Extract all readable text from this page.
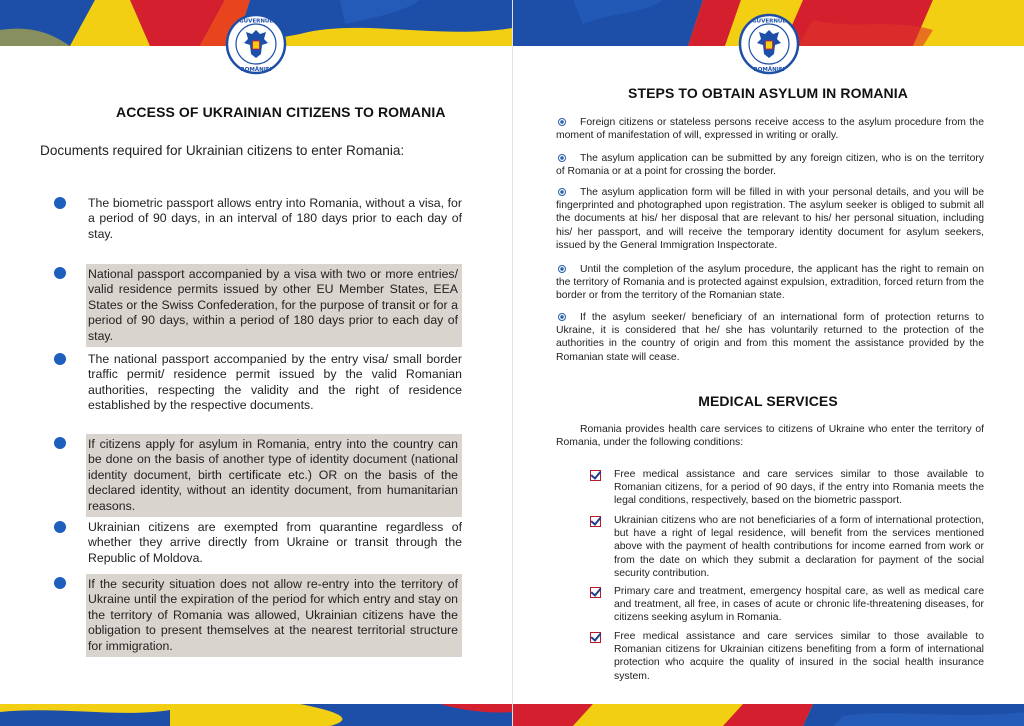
GUVERNUL
ROMÂNIEI
ACCESS OF UKRAINIAN CITIZENS TO ROMANIA
Documents required for Ukrainian citizens to enter Romania:
The biometric passport allows entry into Romania, without a visa, for a period of 90 days, in an interval of 180 days prior to each day of stay.
National passport accompanied by a visa with two or more entries/ valid residence permits issued by other EU Member States, EEA States or the Swiss Confederation, for the purpose of transit or for a period of 90 days, within a period of 180 days prior to each day of stay.
The national passport accompanied by the entry visa/ small border traffic permit/ residence permit issued by the valid Romanian authorities, respecting the validity and the right of residence established by the respective documents.
If citizens apply for asylum in Romania, entry into the country can be done on the basis of another type of identity document (national identity document, birth certificate etc.) OR on the basis of the declared identity, without an identity document, from humanitarian reasons.
Ukrainian citizens are exempted from quarantine regardless of whether they arrive directly from Ukraine or transit through the Republic of Moldova.
If the security situation does not allow re-entry into the territory of Ukraine until the expiration of the period for which entry and stay on the territory of Romania was allowed, Ukrainian citizens have the obligation to present themselves at the nearest territorial structure for immigration.
GUVERNUL
ROMÂNIEI
STEPS TO OBTAIN ASYLUM IN ROMANIA
Foreign citizens or stateless persons receive access to the asylum procedure from the moment of manifestation of will, expressed in writing or orally.
The asylum application can be submitted by any foreign citizen, who is on the territory of Romania or at a point for crossing the border.
The asylum application form will be filled in with your personal details, and you will be fingerprinted and photographed upon registration. The asylum seeker is obliged to submit all the documents at his/ her disposal that are relevant to his/ her personal situation, including his/ her passport, and will receive the temporary identity document for asylum seekers, issued by the General Immigration Inspectorate.
Until the completion of the asylum procedure, the applicant has the right to remain on the territory of Romania and is protected against expulsion, extradition, forced return from the border or from the territory of the Romanian state.
If the asylum seeker/ beneficiary of an international form of protection returns to Ukraine, it is considered that he/ she has voluntarily returned to the protection of the authorities in the country of origin and from this moment the assistance provided by the Romanian state will cease.
MEDICAL SERVICES
Romania provides health care services to citizens of Ukraine who enter the territory of Romania, under the following conditions:
Free medical assistance and care services similar to those available to Romanian citizens, for a period of 90 days, if the entry into Romania meets the legal conditions, respectively, based on the biometric passport.
Ukrainian citizens who are not beneficiaries of a form of international protection, but have a right of legal residence, will benefit from the services mentioned above with the payment of health contributions for income earned from work or from the date on which they submit a declaration for payment of the social security contribution.
Primary care and treatment, emergency hospital care, as well as medical care and treatment, all free, in cases of acute or chronic life-threatening diseases, for citizens seeking asylum in Romania.
Free medical assistance and care services similar to those available to Romanian citizens for Ukrainian citizens benefiting from a form of international protection who acquire the quality of insured in the social health insurance system.
